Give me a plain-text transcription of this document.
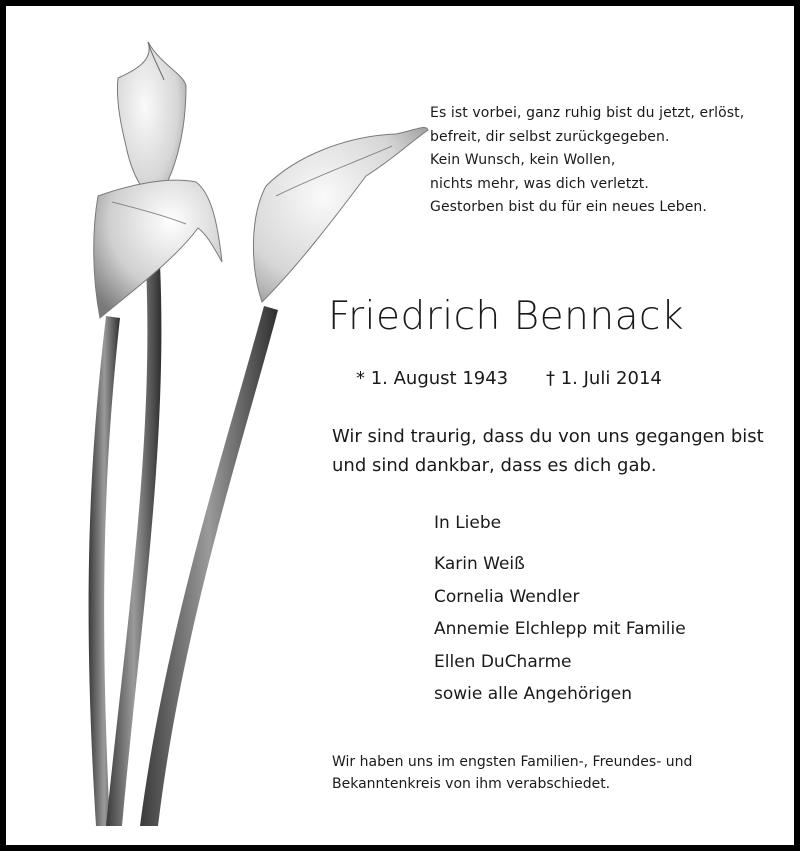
Es ist vorbei, ganz ruhig bist du jetzt, erlöst,
befreit, dir selbst zurückgegeben.
Kein Wunsch, kein Wollen,
nichts mehr, was dich verletzt.
Gestorben bist du für ein neues Leben.
Friedrich Bennack
* 1. August 1943 † 1. Juli 2014
Wir sind traurig, dass du von uns gegangen bist
und sind dankbar, dass es dich gab.
In Liebe
Karin Weiß
Cornelia Wendler
Annemie Elchlepp mit Familie
Ellen DuCharme
sowie alle Angehörigen
Wir haben uns im engsten Familien-, Freundes- und
Bekanntenkreis von ihm verabschiedet.
